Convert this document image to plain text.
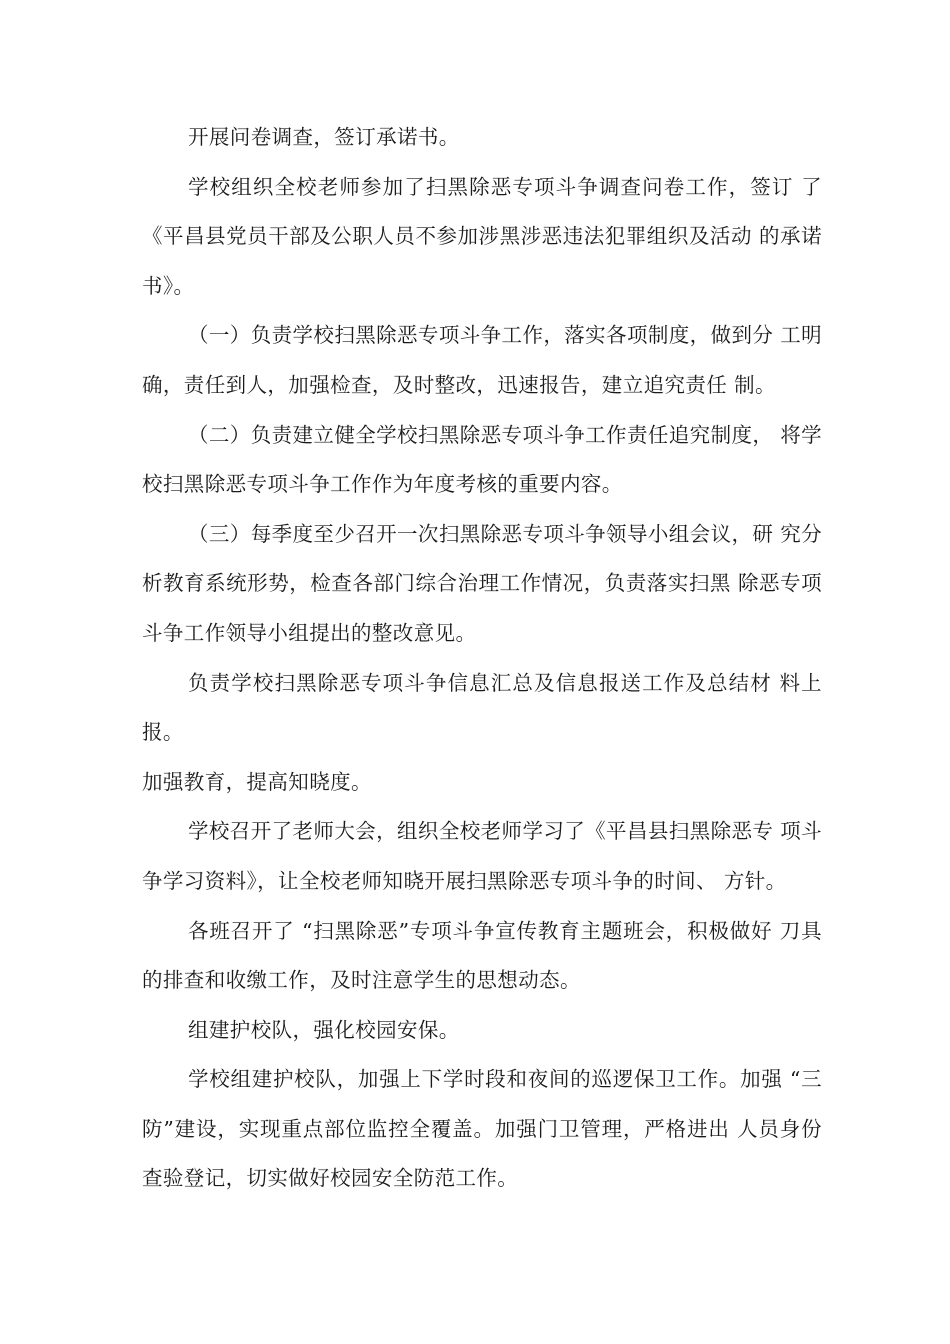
开展问卷调查，签订承诺书。

学校组织全校老师参加了扫黑除恶专项斗争调查问卷工作，签订 了《平昌县党员干部及公职人员不参加涉黑涉恶违法犯罪组织及活动 的承诺书》。

（一）负责学校扫黑除恶专项斗争工作，落实各项制度，做到分 工明确，责任到人，加强检查，及时整改，迅速报告，建立追究责任 制。

（二）负责建立健全学校扫黑除恶专项斗争工作责任追究制度， 将学校扫黑除恶专项斗争工作作为年度考核的重要内容。

（三）每季度至少召开一次扫黑除恶专项斗争领导小组会议，研 究分析教育系统形势，检查各部门综合治理工作情况，负责落实扫黑 除恶专项斗争工作领导小组提出的整改意见。

负责学校扫黑除恶专项斗争信息汇总及信息报送工作及总结材 料上报。

加强教育，提高知晓度。

学校召开了老师大会，组织全校老师学习了《平昌县扫黑除恶专 项斗争学习资料》，让全校老师知晓开展扫黑除恶专项斗争的时间、 方针。

各班召开了 “扫黑除恶”专项斗争宣传教育主题班会，积极做好 刀具的排查和收缴工作，及时注意学生的思想动态。

组建护校队，强化校园安保。

学校组建护校队，加强上下学时段和夜间的巡逻保卫工作。加强 “三防”建设，实现重点部位监控全覆盖。加强门卫管理，严格进出 人员身份查验登记，切实做好校园安全防范工作。
